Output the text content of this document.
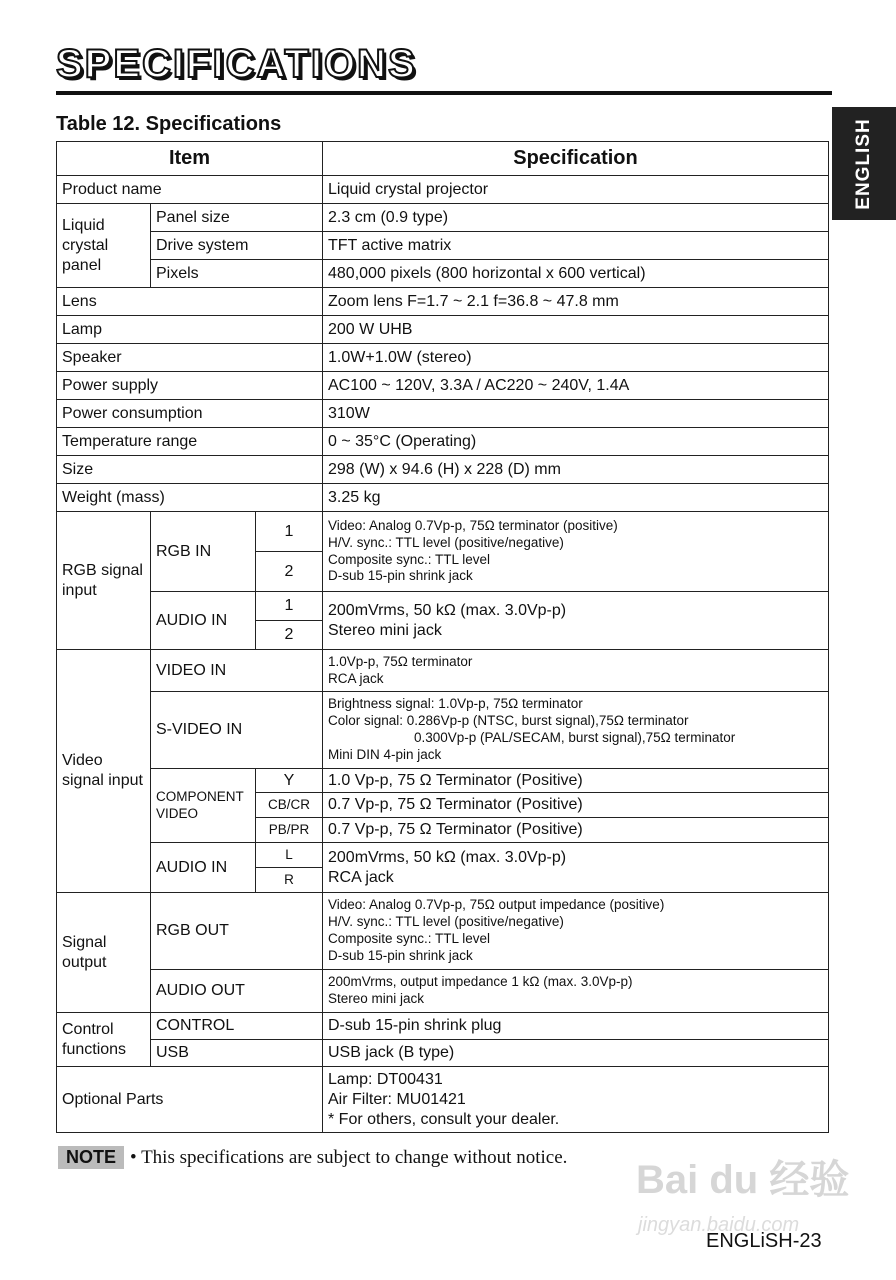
SPECIFICATIONS
Table 12. Specifications	ENGLISH
Item			Specification
Product name			Liquid crystal projector
Liquid crystal panel	Panel size		2.3 cm (0.9 type)
	Drive system		TFT active matrix
	Pixels		480,000 pixels (800 horizontal x 600 vertical)
Lens			Zoom lens F=1.7 ~ 2.1 f=36.8 ~ 47.8 mm
Lamp			200 W UHB
Speaker			1.0W+1.0W (stereo)
Power supply			AC100 ~ 120V, 3.3A / AC220 ~ 240V, 1.4A
Power consumption			310W
Temperature range			0 ~ 35°C (Operating)
Size			298 (W) x 94.6 (H) x 228 (D) mm
Weight (mass)			3.25 kg
RGB signal input	RGB IN	1	Video: Analog 0.7Vp-p, 75Ω terminator (positive)
H/V. sync.: TTL level (positive/negative)
Composite sync.: TTL level
D-sub 15-pin shrink jack

		2	
	AUDIO IN	1	200mVrms, 50 kΩ (max. 3.0Vp-p)
Stereo mini jack

		2	
Video signal input	VIDEO IN		1.0Vp-p, 75Ω terminator
RCA jack

	S-VIDEO IN		Brightness signal: 1.0Vp-p, 75Ω terminator
Color signal: 0.286Vp-p (NTSC, burst signal),75Ω terminator
0.300Vp-p (PAL/SECAM, burst signal),75Ω terminator
Mini DIN 4-pin jack

	COMPONENT VIDEO	Y	1.0 Vp-p, 75 Ω Terminator (Positive)
		CB/CR	0.7 Vp-p, 75 Ω Terminator (Positive)
		PB/PR	0.7 Vp-p, 75 Ω Terminator (Positive)
	AUDIO IN	L	200mVrms, 50 kΩ (max. 3.0Vp-p)
RCA jack

		R	
Signal output	RGB OUT		Video: Analog 0.7Vp-p, 75Ω output impedance (positive)
H/V. sync.: TTL level (positive/negative)
Composite sync.: TTL level
D-sub 15-pin shrink jack

	AUDIO OUT		200mVrms, output impedance 1 kΩ (max. 3.0Vp-p)
Stereo mini jack

Control functions	CONTROL		D-sub 15-pin shrink plug
	USB		USB jack (B type)
Optional Parts			Lamp: DT00431
Air Filter: MU01421
* For others, consult your dealer.
NOTE • This specifications are subject to change without notice.
Bai du 经验
jingyan.baidu.com
ENGLiSH-23
